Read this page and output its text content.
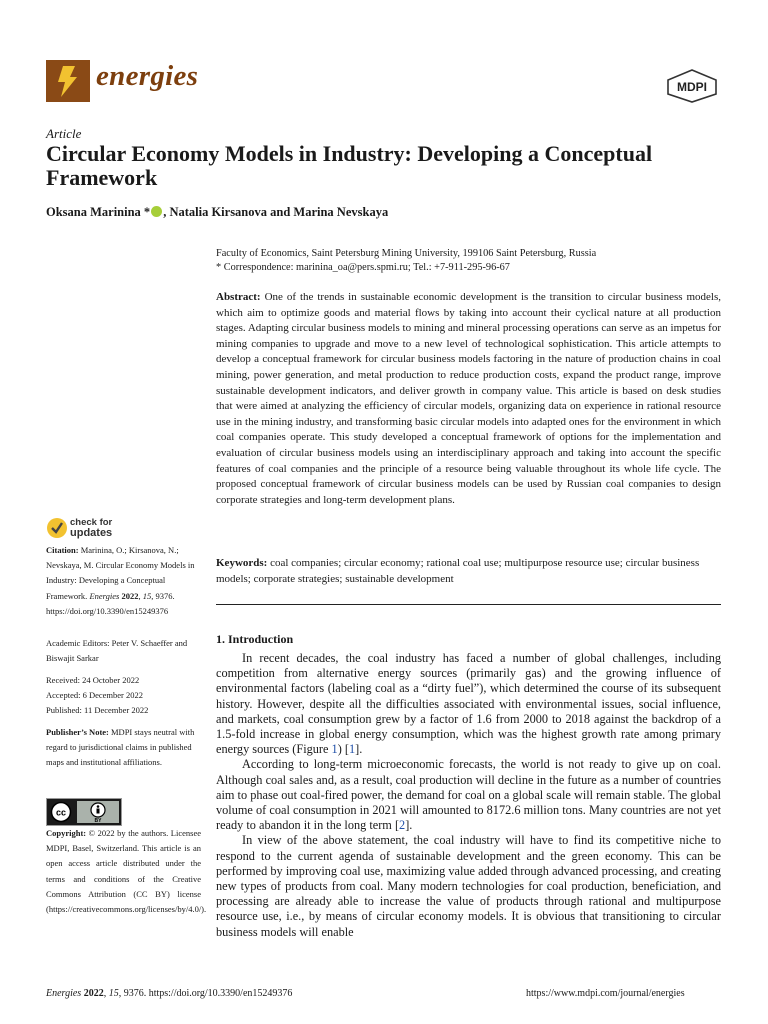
energies	MDPI
Article
Circular Economy Models in Industry: Developing a Conceptual Framework
Oksana Marinina * , Natalia Kirsanova and Marina Nevskaya
Faculty of Economics, Saint Petersburg Mining University, 199106 Saint Petersburg, Russia
* Correspondence: marinina_oa@pers.spmi.ru; Tel.: +7-911-295-96-67
Abstract: One of the trends in sustainable economic development is the transition to circular business models, which aim to optimize goods and material flows by taking into account their cyclical nature at all production stages. Adapting circular business models to mining and mineral processing operations can serve as an impetus for mining companies to upgrade and move to a new level of technological sophistication. This article attempts to develop a conceptual framework for circular business models factoring in the nature of production chains in coal mining, power generation, and metal production to reduce production costs, expand the product range, improve sustainable development indicators, and deliver growth in company value. This article is based on desk studies that were aimed at analyzing the efficiency of circular models, organizing data on experience in rational resource use in the mining industry, and transforming basic circular models into adapted ones for the environment in which coal companies operate. This study developed a conceptual framework of options for the implementation and evaluation of circular business models using an interdisciplinary approach and taking into account the specific features of coal companies and the principle of a resource being valuable throughout its whole life cycle. The proposed conceptual framework of circular business models can be used by Russian coal companies to design corporate strategies and long-term development plans.
Keywords: coal companies; circular economy; rational coal use; multipurpose resource use; circular business models; corporate strategies; sustainable development
1. Introduction

In recent decades, the coal industry has faced a number of global challenges, including competition from alternative energy sources (primarily gas) and the growing influence of environmental factors (labeling coal as a “dirty fuel”), which determined the course of its subsequent history. However, despite all the difficulties associated with environmental issues, social influence, and markets, coal consumption grew by a factor of 1.6 from 2000 to 2018 against the backdrop of a 1.5-fold increase in global energy consumption, which was the highest growth rate among primary energy sources (Figure 1) [1].

According to long-term microeconomic forecasts, the world is not ready to give up on coal. Although coal sales and, as a result, coal production will decline in the future as a number of countries aim to phase out coal-fired power, the demand for coal on a global scale will remain stable. The global volume of coal consumption in 2021 will amounted to 8172.6 million tons. Many countries are not yet ready to abandon it in the long term [2].

In view of the above statement, the coal industry will have to find its competitive niche to respond to the current agenda of sustainable development and the green economy. This can be performed by improving coal use, maximizing value added through advanced processing, and creating new types of products from coal. Many modern technologies for coal production, beneficiation, and processing are already able to increase the value of products through rational and multipurpose resource use, i.e., by means of circular economy models. It is obvious that transitioning to circular business models will enable

check for
updates
Citation: Marinina, O.; Kirsanova, N.; Nevskaya, M. Circular Economy Models in Industry: Developing a Conceptual Framework. Energies 2022, 15, 9376. https://doi.org/10.3390/en15249376
Academic Editors: Peter V. Schaeffer and Biswajit Sarkar
Received: 24 October 2022
Accepted: 6 December 2022
Published: 11 December 2022
Publisher’s Note: MDPI stays neutral with regard to jurisdictional claims in published maps and institutional affiliations.
cc
BY
Copyright: © 2022 by the authors. Licensee MDPI, Basel, Switzerland. This article is an open access article distributed under the terms and conditions of the Creative Commons Attribution (CC BY) license (https://creativecommons.org/licenses/by/4.0/).
Energies 2022, 15, 9376. https://doi.org/10.3390/en15249376	https://www.mdpi.com/journal/energies
